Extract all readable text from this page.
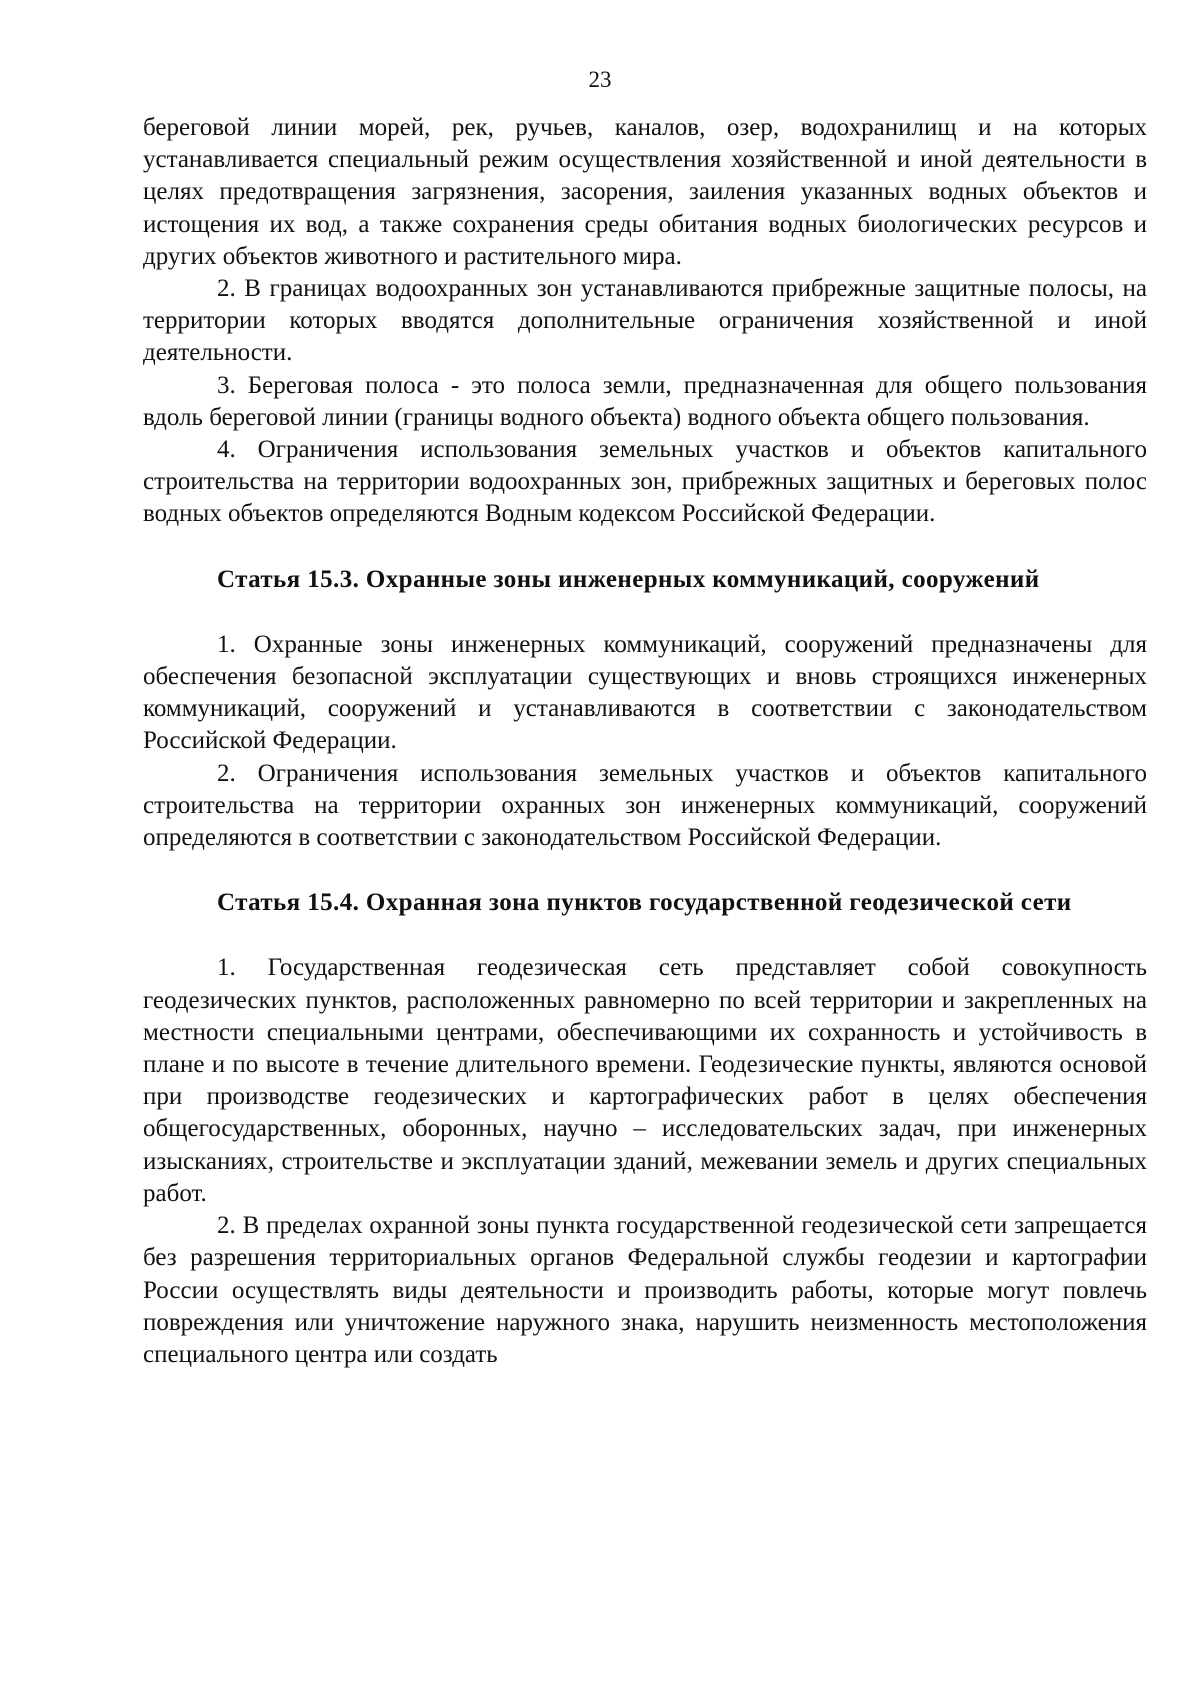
23

береговой линии морей, рек, ручьев, каналов, озер, водохранилищ и на которых устанавливается специальный режим осуществления хозяйственной и иной деятельности в целях предотвращения загрязнения, засорения, заиления указанных водных объектов и истощения их вод, а также сохранения среды обитания водных биологических ресурсов и других объектов животного и растительного мира.

2. В границах водоохранных зон устанавливаются прибрежные защитные полосы, на территории которых вводятся дополнительные ограничения хозяйственной и иной деятельности.

3. Береговая полоса - это полоса земли, предназначенная для общего пользования вдоль береговой линии (границы водного объекта) водного объекта общего пользования.

4. Ограничения использования земельных участков и объектов капитального строительства на территории водоохранных зон, прибрежных защитных и береговых полос водных объектов определяются Водным кодексом Российской Федерации.

Статья 15.3. Охранные зоны инженерных коммуникаций, сооружений

1. Охранные зоны инженерных коммуникаций, сооружений предназначены для обеспечения безопасной эксплуатации существующих и вновь строящихся инженерных коммуникаций, сооружений и устанавливаются в соответствии с законодательством Российской Федерации.

2. Ограничения использования земельных участков и объектов капитального строительства на территории охранных зон инженерных коммуникаций, сооружений определяются в соответствии с законодательством Российской Федерации.

Статья 15.4. Охранная зона пунктов государственной геодезической сети

1. Государственная геодезическая сеть представляет собой совокупность геодезических пунктов, расположенных равномерно по всей территории и закрепленных на местности специальными центрами, обеспечивающими их сохранность и устойчивость в плане и по высоте в течение длительного времени. Геодезические пункты, являются основой при производстве геодезических и картографических работ в целях обеспечения общегосударственных, оборонных, научно – исследовательских задач, при инженерных изысканиях, строительстве и эксплуатации зданий, межевании земель и других специальных работ.

2. В пределах охранной зоны пункта государственной геодезической сети запрещается без разрешения территориальных органов Федеральной службы геодезии и картографии России осуществлять виды деятельности и производить работы, которые могут повлечь повреждения или уничтожение наружного знака, нарушить неизменность местоположения специального центра или создать
